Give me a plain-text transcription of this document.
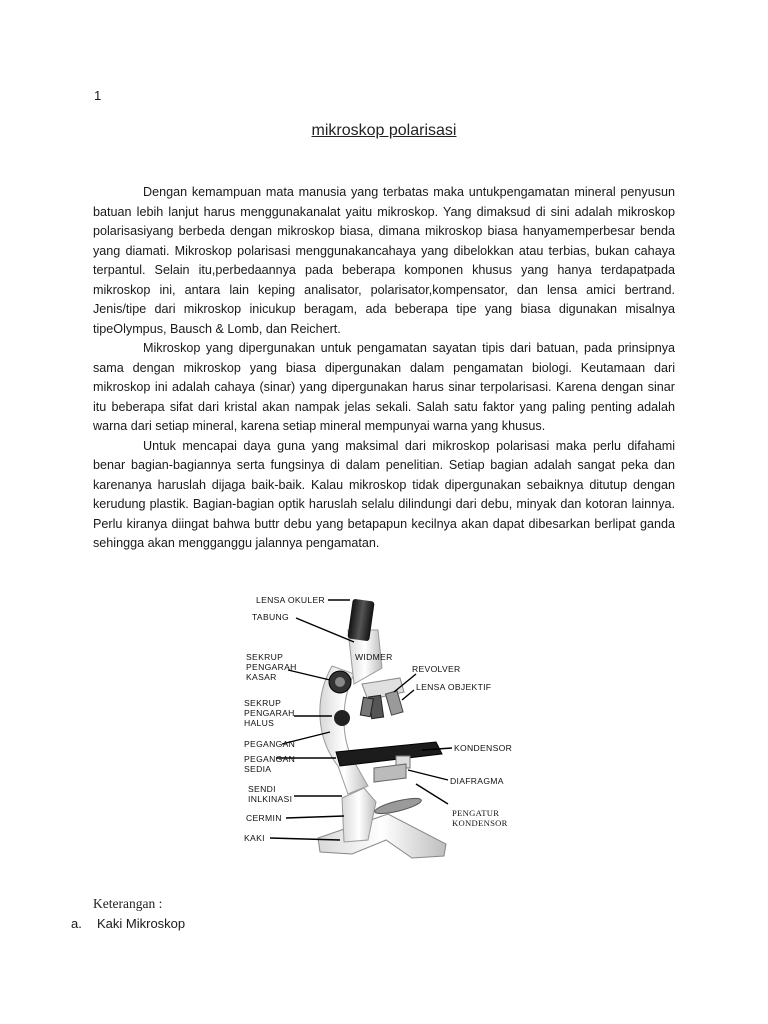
1
mikroskop polarisasi

Dengan kemampuan mata manusia yang terbatas maka untukpengamatan mineral penyusun batuan lebih lanjut harus menggunakanalat yaitu mikroskop. Yang dimaksud di sini adalah mikroskop polarisasiyang berbeda dengan mikroskop biasa, dimana mikroskop biasa hanyamemperbesar benda yang diamati. Mikroskop polarisasi menggunakancahaya yang dibelokkan atau terbias, bukan cahaya terpantul. Selain itu,perbedaannya pada beberapa komponen khusus yang hanya terdapatpada mikroskop ini, antara lain keping analisator, polarisator,kompensator, dan lensa amici bertrand. Jenis/tipe dari mikroskop inicukup beragam, ada beberapa tipe yang biasa digunakan misalnya tipeOlympus, Bausch & Lomb, dan Reichert.

Mikroskop yang dipergunakan untuk pengamatan sayatan tipis dari batuan, pada prinsipnya sama dengan mikroskop yang biasa dipergunakan dalam pengamatan biologi. Keutamaan dari mikroskop ini adalah cahaya (sinar) yang dipergunakan harus sinar terpolarisasi. Karena dengan sinar itu beberapa sifat dari kristal akan nampak jelas sekali. Salah satu faktor yang paling penting adalah warna dari setiap mineral, karena setiap mineral mempunyai warna yang khusus.

Untuk mencapai daya guna yang maksimal dari mikroskop polarisasi maka perlu difahami benar bagian-bagiannya serta fungsinya di dalam penelitian. Setiap bagian adalah sangat peka dan karenanya haruslah dijaga baik-baik. Kalau mikroskop tidak dipergunakan sebaiknya ditutup dengan kerudung plastik. Bagian-bagian optik haruslah selalu dilindungi dari debu, minyak dan kotoran lainnya. Perlu kiranya diingat bahwa buttr debu yang betapapun kecilnya akan dapat dibesarkan berlipat ganda sehingga akan mengganggu jalannya pengamatan.

WIDMER
LENSA OKULER
TABUNG
SEKRUP
PENGARAH
KASAR
SEKRUP
PENGARAH
HALUS
PEGANGAN
PEGANGAN
SEDIA
SENDI
INLKINASI
CERMIN
KAKI
REVOLVER
LENSA OBJEKTIF
KONDENSOR
DIAFRAGMA
PENGATUR
KONDENSOR
Keterangan :
a. Kaki Mikroskop
